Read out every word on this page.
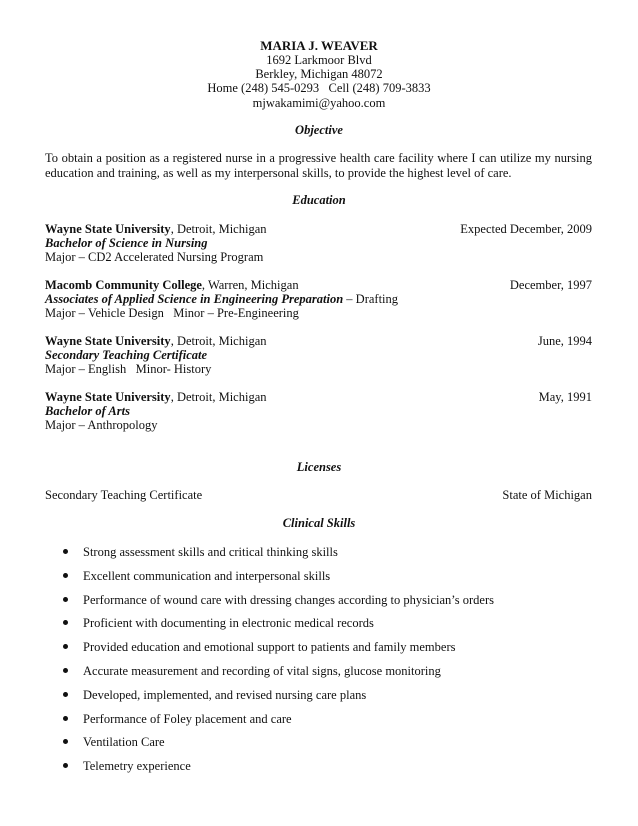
MARIA J. WEAVER
1692 Larkmoor Blvd
Berkley, Michigan 48072
Home (248) 545-0293   Cell (248) 709-3833
mjwakamimi@yahoo.com
Objective
To obtain a position as a registered nurse in a progressive health care facility where I can utilize my nursing education and training, as well as my interpersonal skills, to provide the highest level of care.
Education
Wayne State University, Detroit, Michigan	Expected December, 2009
Bachelor of Science in Nursing
Major – CD2 Accelerated Nursing Program
Macomb Community College, Warren, Michigan	December, 1997
Associates of Applied Science in Engineering Preparation – Drafting
Major – Vehicle Design   Minor – Pre-Engineering
Wayne State University, Detroit, Michigan	June, 1994
Secondary Teaching Certificate
Major – English   Minor- History
Wayne State University, Detroit, Michigan	May, 1991
Bachelor of Arts
Major – Anthropology
Licenses
Secondary Teaching Certificate	State of Michigan
Clinical Skills
Strong assessment skills and critical thinking skills
Excellent communication and interpersonal skills
Performance of wound care with dressing changes according to physician’s orders
Proficient with documenting in electronic medical records
Provided education and emotional support to patients and family members
Accurate measurement and recording of vital signs, glucose monitoring
Developed, implemented, and revised nursing care plans
Performance of Foley placement and care
Ventilation Care
Telemetry experience
